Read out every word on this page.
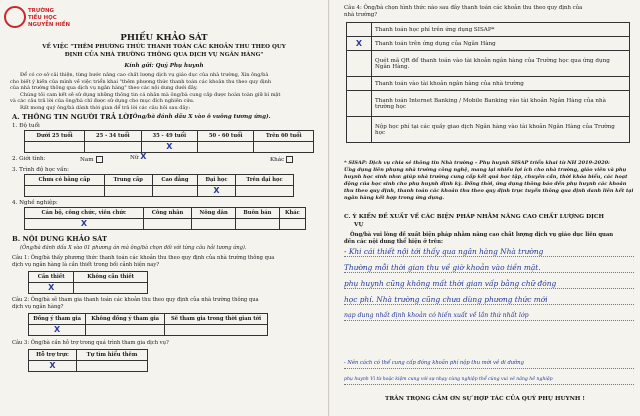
TRƯỜNG
TIỂU HỌC
NGUYỄN HIỀN
PHIẾU KHẢO SÁT
VỀ VIỆC "THÊM PHƯƠNG THỨC THANH TOÁN CÁC KHOẢN THU THEO QUY
ĐỊNH CỦA NHÀ TRƯỜNG THÔNG QUA DỊCH VỤ NGÂN HÀNG"
Kính gửi: Quý Phụ huynh
Để có cơ sở cải thiện, từng bước nâng cao chất lượng dịch vụ giáo dục của nhà trường, Xin ông/bà
cho biết ý kiến của mình về việc triển khai "thêm phương thức thanh toán các khoản thu theo quy định
của nhà trường thông qua dịch vụ ngân hàng" theo các nội dung dưới đây.
Chúng tôi cam kết sẽ sử dụng những thông tin cá nhân mà ông/bà cung cấp được hoàn toàn giữ bí mật
và các câu trả lời của ông/bà chỉ được sử dụng cho mục đích nghiên cứu.
Rất mong quý ông/bà dành thời gian để trả lời các câu hỏi sau đây:
A. THÔNG TIN NGƯỜI TRẢ LỜI
(Ông/bà đánh dấu X vào ô vuông tương ứng).
1. Độ tuổi
Dưới 25 tuổi	25 - 34 tuổi	35 - 49 tuổi	50 - 60 tuổi	Trên 60 tuổi
		X		
2. Giới tính:	Nam	Nữ X	Khác
3. Trình độ học vấn:
Chưa có bằng cấp	Trung cấp	Cao đẳng	Đại học	Trên đại học
			X	
4. Nghề nghiệp:
Cán bộ, công chức, viên chức	Công nhân	Nông dân	Buôn bán	Khác
X				
B. NỘI DUNG KHẢO SÁT
(Ông/bà đánh dấu X vào 01 phương án mà ông/bà chọn đối với từng câu hỏi tương ứng).
Câu 1: Ông/bà thấy phương thức thanh toán các khoản thu theo quy định của nhà trường thông qua
dịch vụ ngân hàng là cần thiết trong bối cảnh hiện nay?
Cần thiết	Không cần thiết
X	
Câu 2: Ông/bà sẽ tham gia thanh toán các khoản thu theo quy định của nhà trường thông qua
dịch vụ ngân hàng?
Đồng ý tham gia	Không đồng ý tham gia	Sẽ tham gia trong thời gian tới
X		
Câu 3: Ông/bà cần hỗ trợ trong quá trình tham gia dịch vụ?
Hỗ trợ trực	Tự tìm hiểu thêm
X	
Câu 4: Ông/bà chọn hình thức nào sau đây thanh toán các khoản thu theo quy định của
nhà trường?
	Thanh toán học phí trên ứng dụng SISAP*
X	Thanh toán trên ứng dụng của Ngân Hàng
	Quét mã QR để thanh toán vào tài khoản ngân hàng của Trường học qua ứng dụng
Ngân Hàng.
	Thanh toán vào tài khoản ngân hàng của nhà trường
	Thanh toán Internet Banking / Mobile Banking vào tài khoản Ngân Hàng của nhà
trường học
	Nộp học phí tại các quầy giao dịch Ngân hàng vào tài khoản Ngân Hàng của Trường
học
* SISAP: Dịch vụ chia sẻ thông tin Nhà trường – Phụ huynh SISAP triển khai từ NH 2019-2020:
Ứng dụng liên phụng nhà trường công nghệ, mang lại nhiều lợi ích cho nhà trường, giáo viên và phụ
huynh học sinh như: giúp nhà trường cung cấp kết quả học tập, chuyên cần, thời khóa biểu, các hoạt
động của học sinh cho phụ huynh định kỳ. Đồng thời, ứng dụng thông báo đến phụ huynh các khoản
thu theo quy định, thanh toán các khoản thu theo quy định trực tuyến thông qua định danh liên kết tại
ngân hàng kết hợp trong ứng dụng.
C. Ý KIẾN ĐỀ XUẤT VỀ CÁC BIỆN PHÁP NHẰM NÂNG CAO CHẤT LƯỢNG DỊCH
VỤ
Ông/bà vui lòng đề xuất biện pháp nhằm nâng cao chất lượng dịch vụ giáo dục liên quan
đến các nội dung thể hiện ở trên:
- Khi cái thiết nội tới thấy qua ngân hàng Nhà trường
Thường mỗi thời gian thu về giờ khoản vào tiền mặt.
phụ huynh cũng không mất thời gian vấp bằng chữ đóng
học phí. Nhà trường cũng chưa dùng phương thức mới
nạp dung nhất định khoản có hiến xuất về lần thứ nhất lớp
- Nên cách có thể cung cấp đóng khoản phí nộp thu mời về di dưỡng
phụ huynh Vì từ hoặc kiệm cung với sự nhạy cùng nghiệp thể cùng vui vẻ nâng hề nghiệp
TRÂN TRỌNG CẢM ƠN SỰ HỢP TÁC CỦA QUÝ PHỤ HUYNH !
